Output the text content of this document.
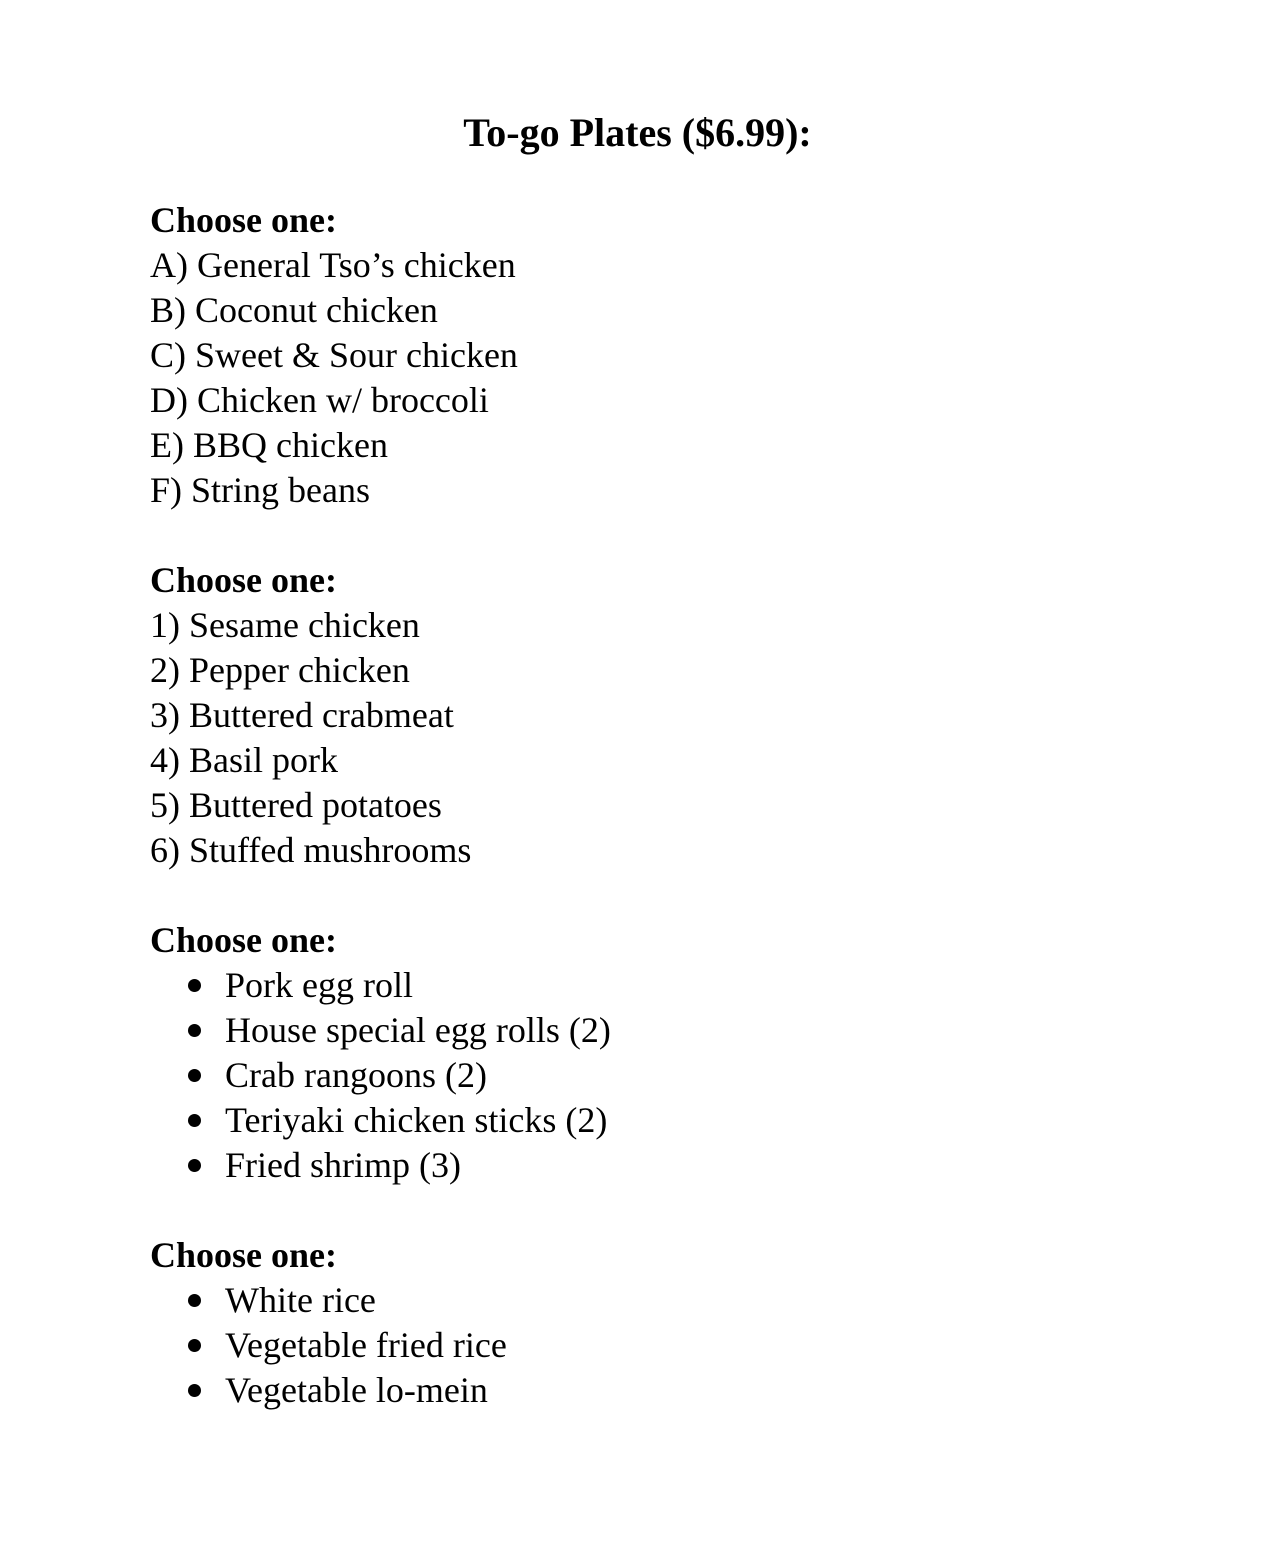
To-go Plates ($6.99):
Choose one:
A) General Tso’s chicken
B) Coconut chicken
C) Sweet & Sour chicken
D) Chicken w/ broccoli
E) BBQ chicken
F) String beans
Choose one:
1) Sesame chicken
2) Pepper chicken
3) Buttered crabmeat
4) Basil pork
5) Buttered potatoes
6) Stuffed mushrooms
Choose one:
Pork egg roll
House special egg rolls (2)
Crab rangoons (2)
Teriyaki chicken sticks (2)
Fried shrimp (3)
Choose one:
White rice
Vegetable fried rice
Vegetable lo-mein
